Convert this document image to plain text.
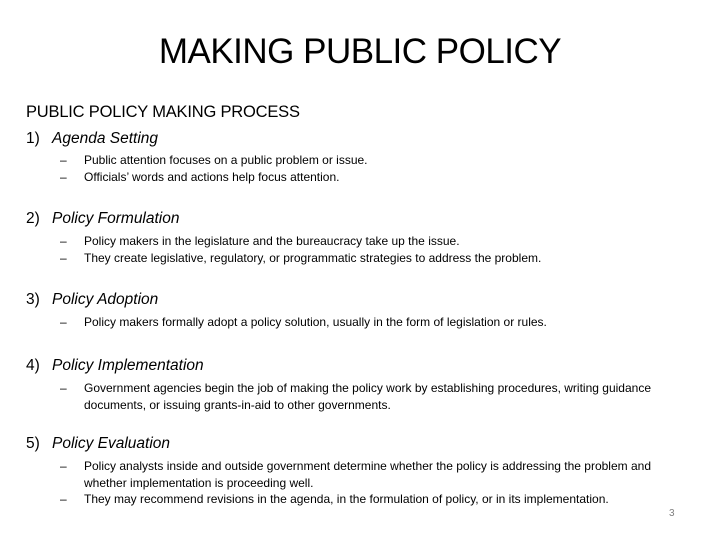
MAKING PUBLIC POLICY
PUBLIC POLICY MAKING PROCESS
1) Agenda Setting
– Public attention focuses on a public problem or issue.
– Officials’ words and actions help focus attention.
2) Policy Formulation
– Policy makers in the legislature and the bureaucracy take up the issue.
– They create legislative, regulatory, or programmatic strategies to address the problem.
3) Policy Adoption
– Policy makers formally adopt a policy solution, usually in the form of legislation or rules.
4) Policy Implementation
– Government agencies begin the job of making the policy work by establishing procedures, writing guidance documents, or issuing grants-in-aid to other governments.
5) Policy Evaluation
– Policy analysts inside and outside government determine whether the policy is addressing the problem and whether implementation is proceeding well.
– They may recommend revisions in the agenda, in the formulation of policy, or in its implementation.
3
